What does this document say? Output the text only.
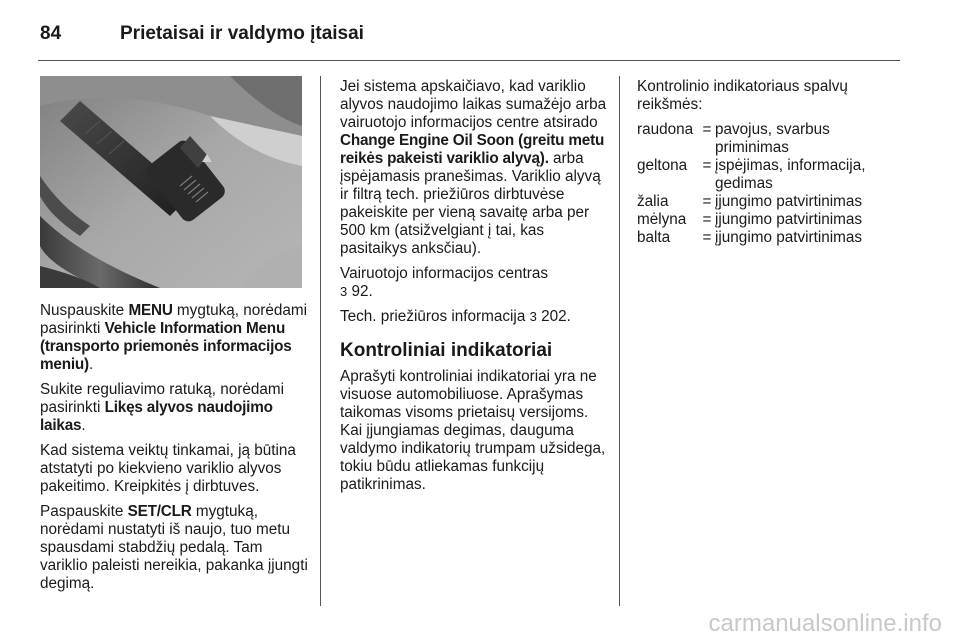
84	Prietaisai ir valdymo įtaisai

Nuspauskite MENU mygtuką, norėdami pasirinkti Vehicle Information Menu (transporto priemonės informacijos meniu).

Sukite reguliavimo ratuką, norėdami pasirinkti Likęs alyvos naudojimo laikas.

Kad sistema veiktų tinkamai, ją būtina atstatyti po kiekvieno variklio alyvos pakeitimo. Kreipkitės į dirbtuves.

Paspauskite SET/CLR mygtuką, norėdami nustatyti iš naujo, tuo metu spausdami stabdžių pedalą. Tam variklio paleisti nereikia, pakanka įjungti degimą.

Jei sistema apskaičiavo, kad variklio alyvos naudojimo laikas sumažėjo arba vairuotojo informacijos centre atsirado Change Engine Oil Soon (greitu metu reikės pakeisti variklio alyvą). arba įspėjamasis pranešimas. Variklio alyvą ir filtrą tech. priežiūros dirbtuvėse pakeiskite per vieną savaitę arba per 500 km (atsižvelgiant į tai, kas pasitaikys anksčiau).

Vairuotojo informacijos centras
3 92.

Tech. priežiūros informacija 3 202.

Kontroliniai indikatoriai

Aprašyti kontroliniai indikatoriai yra ne visuose automobiliuose. Aprašymas taikomas visoms prietaisų versijoms. Kai įjungiamas degimas, dauguma valdymo indikatorių trumpam užsidega, tokiu būdu atliekamas funkcijų patikrinimas.

Kontrolinio indikatoriaus spalvų reikšmės:

raudona	=	pavojus, svarbus priminimas
geltona	=	įspėjimas, informacija, gedimas
žalia	=	įjungimo patvirtinimas
mėlyna	=	įjungimo patvirtinimas
balta	=	įjungimo patvirtinimas
carmanualsonline.info
